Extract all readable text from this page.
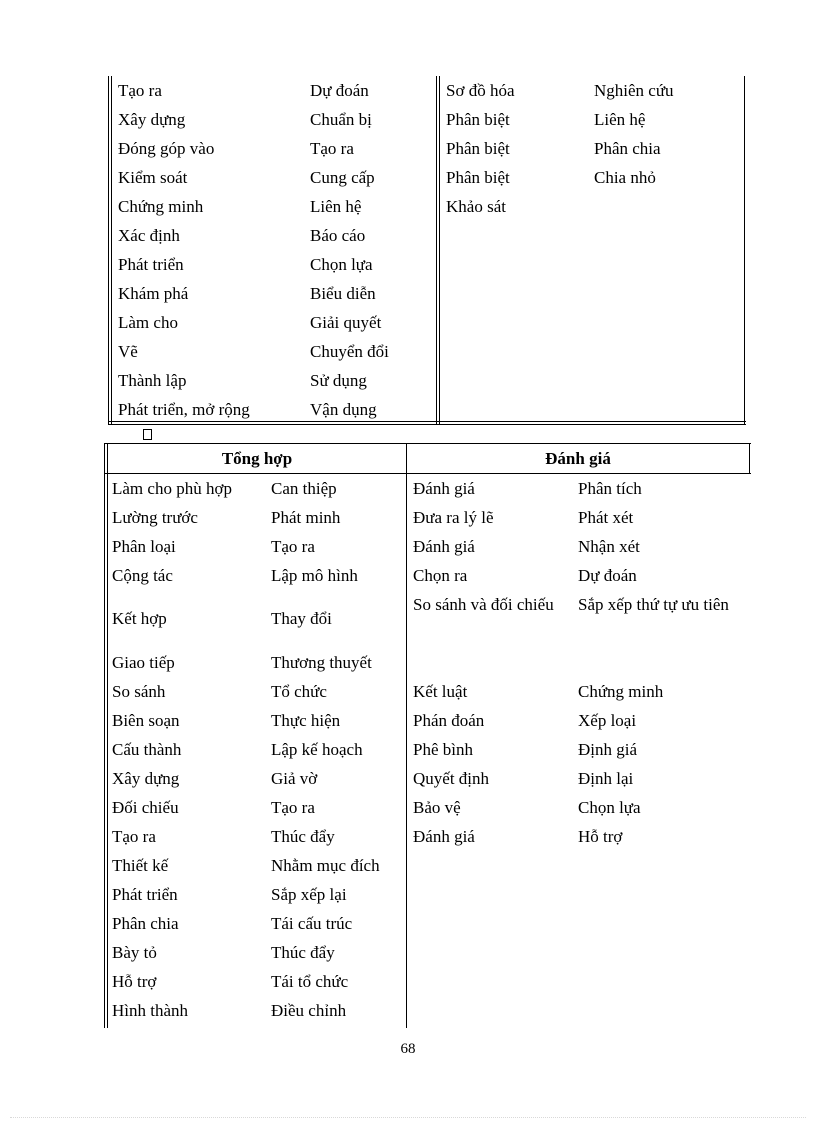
Tạo ra
Xây dựng
Đóng góp vào
Kiểm soát
Chứng minh
Xác định
Phát triển
Khám phá
Làm cho
Vẽ
Thành lập
Phát triển, mở rộng
Dự đoán
Chuẩn bị
Tạo ra
Cung cấp
Liên hệ
Báo cáo
Chọn lựa
Biểu diễn
Giải quyết
Chuyển đổi
Sử dụng
Vận dụng
Sơ đồ hóa
Phân biệt
Phân biệt
Phân biệt
Khảo sát
Nghiên cứu
Liên hệ
Phân chia
Chia nhỏ
Tổng hợp	Đánh giá
Làm cho phù hợp
Lường trước
Phân loại
Cộng tác
Kết hợp
Giao tiếp
So sánh
Biên soạn
Cấu thành
Xây dựng
Đối chiếu
Tạo ra
Thiết kế
Phát triển
Phân chia
Bày tỏ
Hỗ trợ
Hình thành
Can thiệp
Phát minh
Tạo ra
Lập mô hình
Thay đổi
Thương thuyết
Tổ chức
Thực hiện
Lập kế hoạch
Giả vờ
Tạo ra
Thúc đẩy
Nhằm mục đích
Sắp xếp lại
Tái cấu trúc
Thúc đẩy
Tái tổ chức
Điều chỉnh
Đánh giá
Đưa ra lý lẽ
Đánh giá
Chọn ra
So sánh và đối chiếu
Kết luật
Phán đoán
Phê bình
Quyết định
Bảo vệ
Đánh giá
Phân tích
Phát xét
Nhận xét
Dự đoán
Sắp xếp thứ tự ưu tiên
Chứng minh
Xếp loại
Định giá
Định lại
Chọn lựa
Hỗ trợ
68
